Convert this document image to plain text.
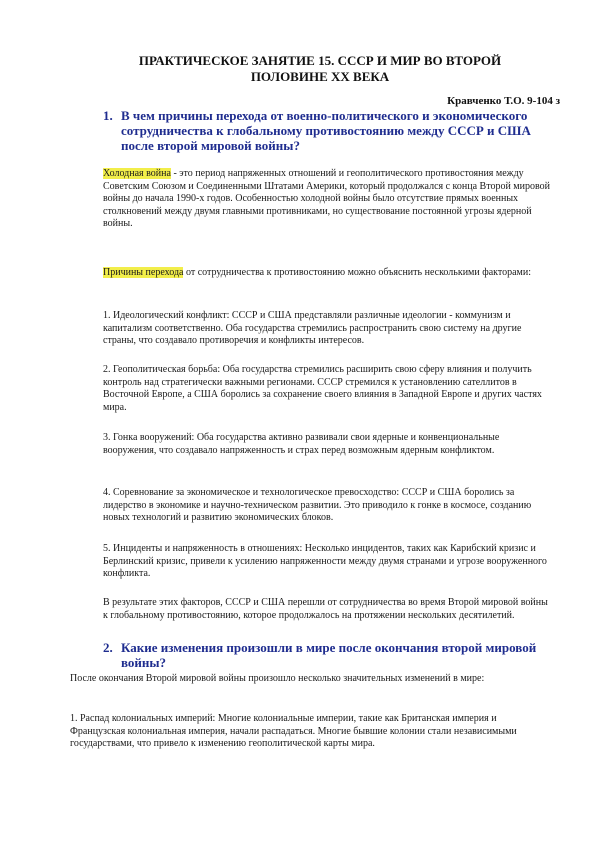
ПРАКТИЧЕСКОЕ ЗАНЯТИЕ 15. СССР И МИР ВО ВТОРОЙ
ПОЛОВИНЕ XX ВЕКА
Кравченко Т.О. 9-104 з
1. В чем причины перехода от военно-политического и экономического сотрудничества к глобальному противостоянию между СССР и США после второй мировой войны?
Холодная война - это период напряженных отношений и геополитического противостояния между Советским Союзом и Соединенными Штатами Америки, который продолжался с конца Второй мировой войны до начала 1990-х годов. Особенностью холодной войны было отсутствие прямых военных столкновений между двумя главными противниками, но существование постоянной угрозы ядерной войны.
Причины перехода от сотрудничества к противостоянию можно объяснить несколькими факторами:
1. Идеологический конфликт: СССР и США представляли различные идеологии - коммунизм и капитализм соответственно. Оба государства стремились распространить свою систему на другие страны, что создавало противоречия и конфликты интересов.
2. Геополитическая борьба: Оба государства стремились расширить свою сферу влияния и получить контроль над стратегически важными регионами. СССР стремился к установлению сателлитов в Восточной Европе, а США боролись за сохранение своего влияния в Западной Европе и других частях мира.
3. Гонка вооружений: Оба государства активно развивали свои ядерные и конвенциональные вооружения, что создавало напряженность и страх перед возможным ядерным конфликтом.
4. Соревнование за экономическое и технологическое превосходство: СССР и США боролись за лидерство в экономике и научно-техническом развитии. Это приводило к гонке в космосе, созданию новых технологий и развитию экономических блоков.
5. Инциденты и напряженность в отношениях: Несколько инцидентов, таких как Карибский кризис и Берлинский кризис, привели к усилению напряженности между двумя странами и угрозе вооруженного конфликта.
В результате этих факторов, СССР и США перешли от сотрудничества во время Второй мировой войны к глобальному противостоянию, которое продолжалось на протяжении нескольких десятилетий.
2. Какие изменения произошли в мире после окончания второй мировой войны?
После окончания Второй мировой войны произошло несколько значительных изменений в мире:
1. Распад колониальных империй: Многие колониальные империи, такие как Британская империя и Французская колониальная империя, начали распадаться. Многие бывшие колонии стали независимыми государствами, что привело к изменению геополитической карты мира.
